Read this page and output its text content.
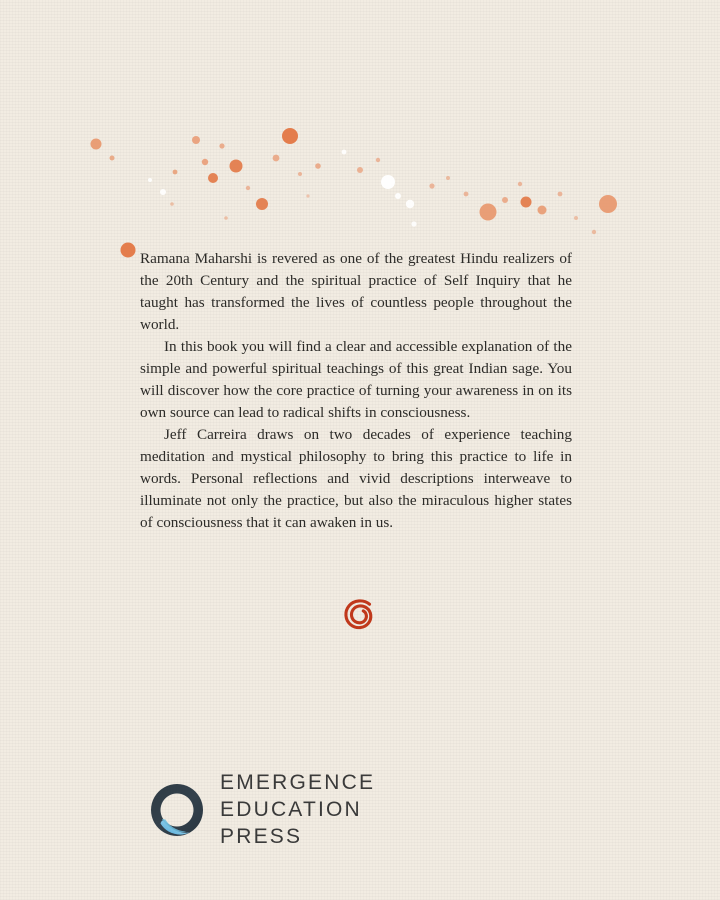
Ramana Maharshi is revered as one of the greatest Hindu realizers of the 20th Century and the spiritual practice of Self Inquiry that he taught has transformed the lives of countless people throughout the world.

In this book you will find a clear and accessible explanation of the simple and powerful spiritual teachings of this great Indian sage. You will discover how the core practice of turning your awareness in on its own source can lead to radical shifts in consciousness.

Jeff Carreira draws on two decades of experience teaching meditation and mystical philosophy to bring this practice to life in words. Personal reflections and vivid descriptions interweave to illuminate not only the practice, but also the miraculous higher states of consciousness that it can awaken in us.

EMERGENCE
EDUCATION
PRESS
